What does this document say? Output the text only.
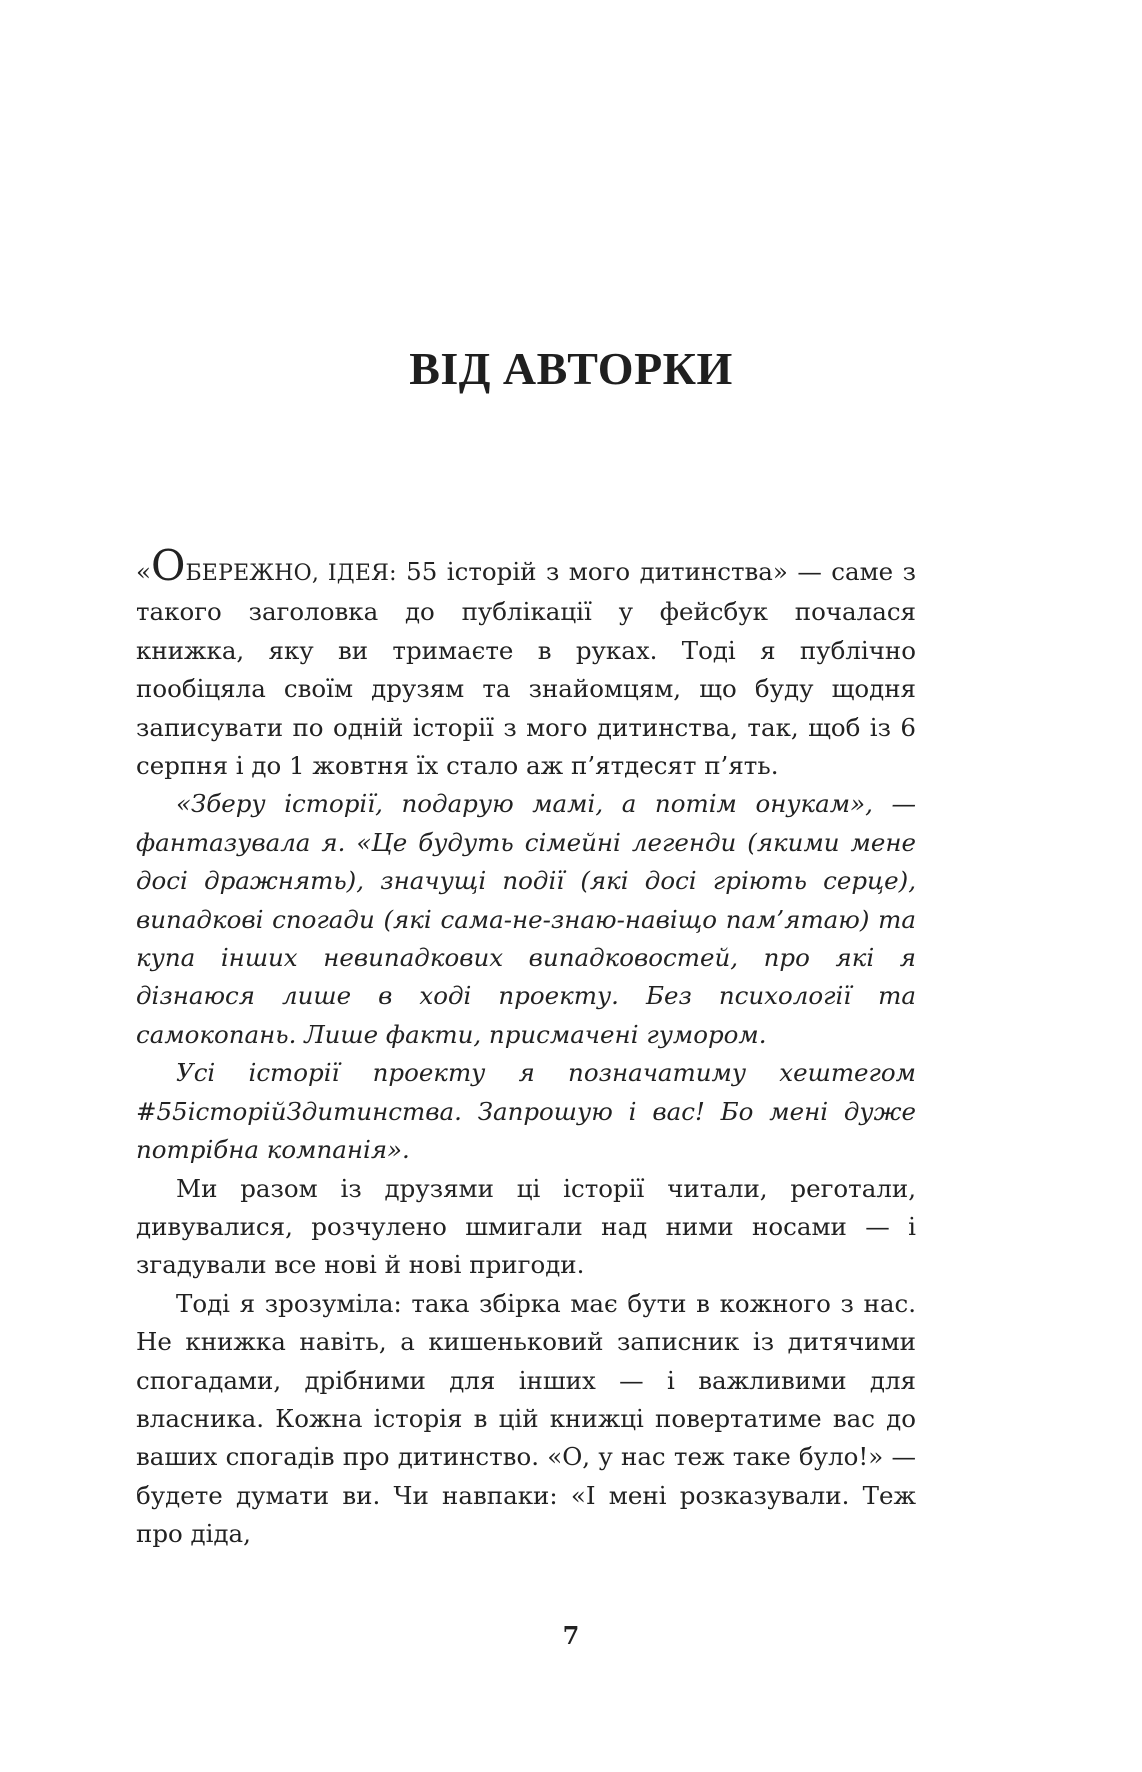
ВІД АВТОРКИ

«ОБЕРЕЖНО, ІДЕЯ: 55 історій з мого дитинства» — саме з такого заголовка до публікації у фейсбук почалася книжка, яку ви тримаєте в руках. Тоді я публічно пообіцяла своїм друзям та знайомцям, що буду щодня записувати по одній історії з мого дитинства, так, щоб із 6 серпня і до 1 жовтня їх стало аж п’ятдесят п’ять.

«Зберу історії, подарую мамі, а потім онукам», — фантазувала я. «Це будуть сімейні легенди (якими мене досі дражнять), значущі події (які досі гріють серце), випадкові спогади (які сама-не-знаю-навіщо пам’ятаю) та купа інших невипадкових випадковостей, про які я дізнаюся лише в ході проекту. Без психології та самокопань. Лише факти, присмачені гумором.

Усі історії проекту я позначатиму хештегом #55історійЗдитинства. Запрошую і вас! Бо мені дуже потрібна компанія».

Ми разом із друзями ці історії читали, реготали, дивувалися, розчулено шмигали над ними носами — і згадували все нові й нові пригоди.

Тоді я зрозуміла: така збірка має бути в кожного з нас. Не книжка навіть, а кишеньковий записник із дитячими спогадами, дрібними для інших — і важливими для власника. Кожна історія в цій книжці повертатиме вас до ваших спогадів про дитинство. «О, у нас теж таке було!» — будете думати ви. Чи навпаки: «І мені розказували. Теж про діда,

7
